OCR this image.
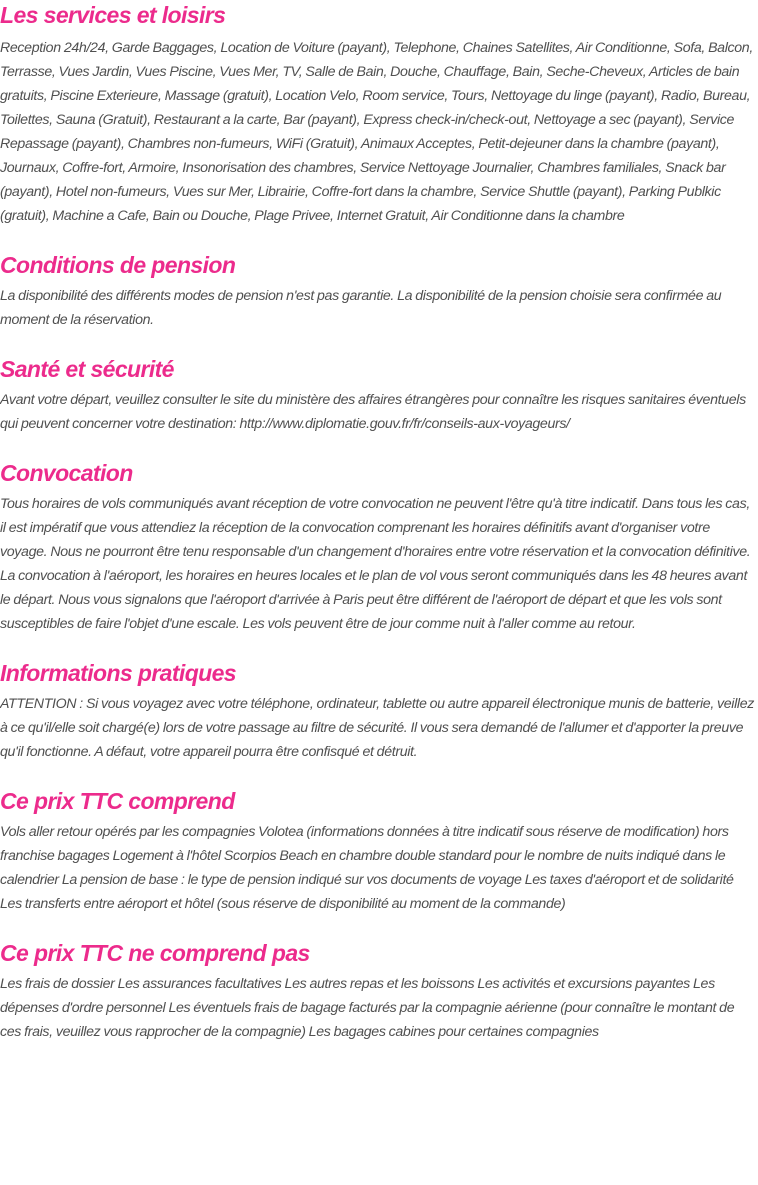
Les services et loisirs

Reception 24h/24, Garde Baggages, Location de Voiture (payant), Telephone, Chaines Satellites, Air Conditionne, Sofa, Balcon, Terrasse, Vues Jardin, Vues Piscine, Vues Mer, TV, Salle de Bain, Douche, Chauffage, Bain, Seche-Cheveux, Articles de bain gratuits, Piscine Exterieure, Massage (gratuit), Location Velo, Room service, Tours, Nettoyage du linge (payant), Radio, Bureau, Toilettes, Sauna (Gratuit), Restaurant a la carte, Bar (payant), Express check-in/check-out, Nettoyage a sec (payant), Service Repassage (payant), Chambres non-fumeurs, WiFi (Gratuit), Animaux Acceptes, Petit-dejeuner dans la chambre (payant), Journaux, Coffre-fort, Armoire, Insonorisation des chambres, Service Nettoyage Journalier, Chambres familiales, Snack bar (payant), Hotel non-fumeurs, Vues sur Mer, Librairie, Coffre-fort dans la chambre, Service Shuttle (payant), Parking Publkic (gratuit), Machine a Cafe, Bain ou Douche, Plage Privee, Internet Gratuit, Air Conditionne dans la chambre

Conditions de pension

La disponibilité des différents modes de pension n'est pas garantie. La disponibilité de la pension choisie sera confirmée au moment de la réservation.

Santé et sécurité

Avant votre départ, veuillez consulter le site du ministère des affaires étrangères pour connaître les risques sanitaires éventuels qui peuvent concerner votre destination: http://www.diplomatie.gouv.fr/fr/conseils-aux-voyageurs/

Convocation

Tous horaires de vols communiqués avant réception de votre convocation ne peuvent l'être qu'à titre indicatif. Dans tous les cas, il est impératif que vous attendiez la réception de la convocation comprenant les horaires définitifs avant d'organiser votre voyage. Nous ne pourront être tenu responsable d'un changement d'horaires entre votre réservation et la convocation définitive. La convocation à l'aéroport, les horaires en heures locales et le plan de vol vous seront communiqués dans les 48 heures avant le départ. Nous vous signalons que l'aéroport d'arrivée à Paris peut être différent de l'aéroport de départ et que les vols sont susceptibles de faire l'objet d'une escale. Les vols peuvent être de jour comme nuit à l'aller comme au retour.

Informations pratiques

ATTENTION : Si vous voyagez avec votre téléphone, ordinateur, tablette ou autre appareil électronique munis de batterie, veillez à ce qu'il/elle soit chargé(e) lors de votre passage au filtre de sécurité. Il vous sera demandé de l'allumer et d'apporter la preuve qu'il fonctionne. A défaut, votre appareil pourra être confisqué et détruit.

Ce prix TTC comprend

Vols aller retour opérés par les compagnies Volotea (informations données à titre indicatif sous réserve de modification) hors franchise bagages Logement à l'hôtel Scorpios Beach en chambre double standard pour le nombre de nuits indiqué dans le calendrier La pension de base : le type de pension indiqué sur vos documents de voyage Les taxes d'aéroport et de solidarité Les transferts entre aéroport et hôtel (sous réserve de disponibilité au moment de la commande)

Ce prix TTC ne comprend pas

Les frais de dossier Les assurances facultatives Les autres repas et les boissons Les activités et excursions payantes Les dépenses d'ordre personnel Les éventuels frais de bagage facturés par la compagnie aérienne (pour connaître le montant de ces frais, veuillez vous rapprocher de la compagnie) Les bagages cabines pour certaines compagnies
